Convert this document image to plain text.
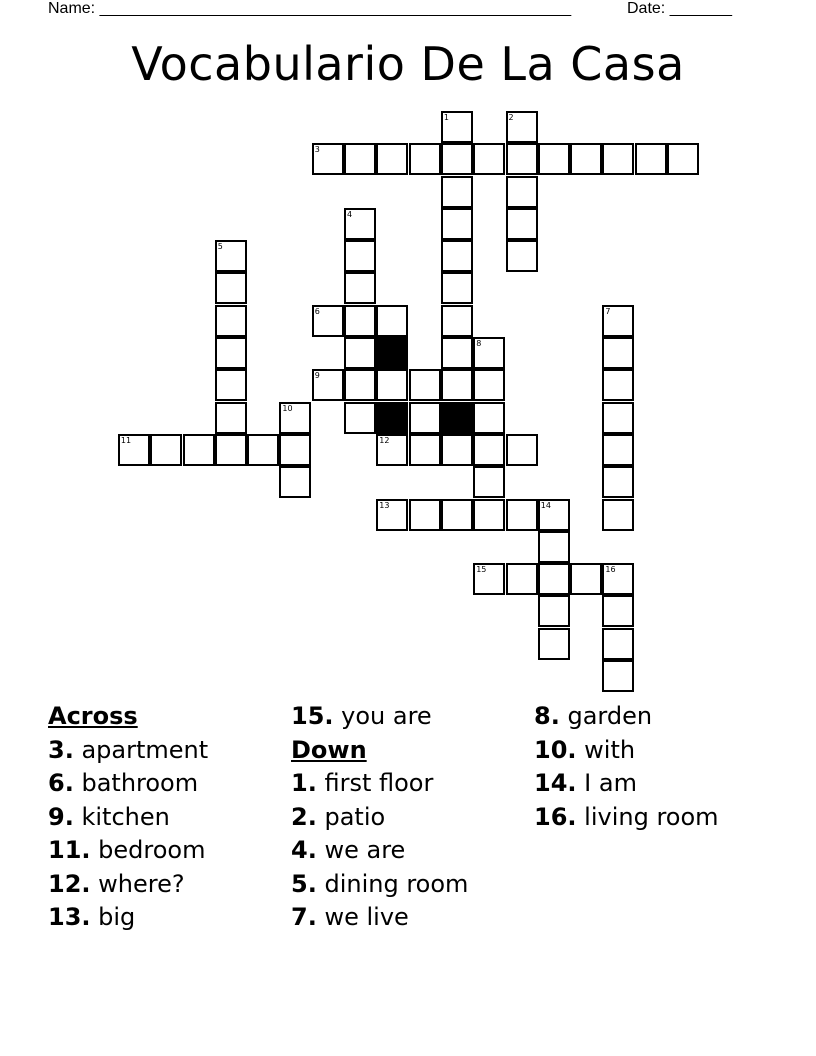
Name: _____________________________________________________	Date: _______
Vocabulario De La Casa
1	2
3
4
5
6	7
8
9
10
11	12
13	14
15	16
Across
3. apartment
6. bathroom
9. kitchen
11. bedroom
12. where?
13. big
15. you are
Down
1. first floor
2. patio
4. we are
5. dining room
7. we live
8. garden
10. with
14. I am
16. living room
